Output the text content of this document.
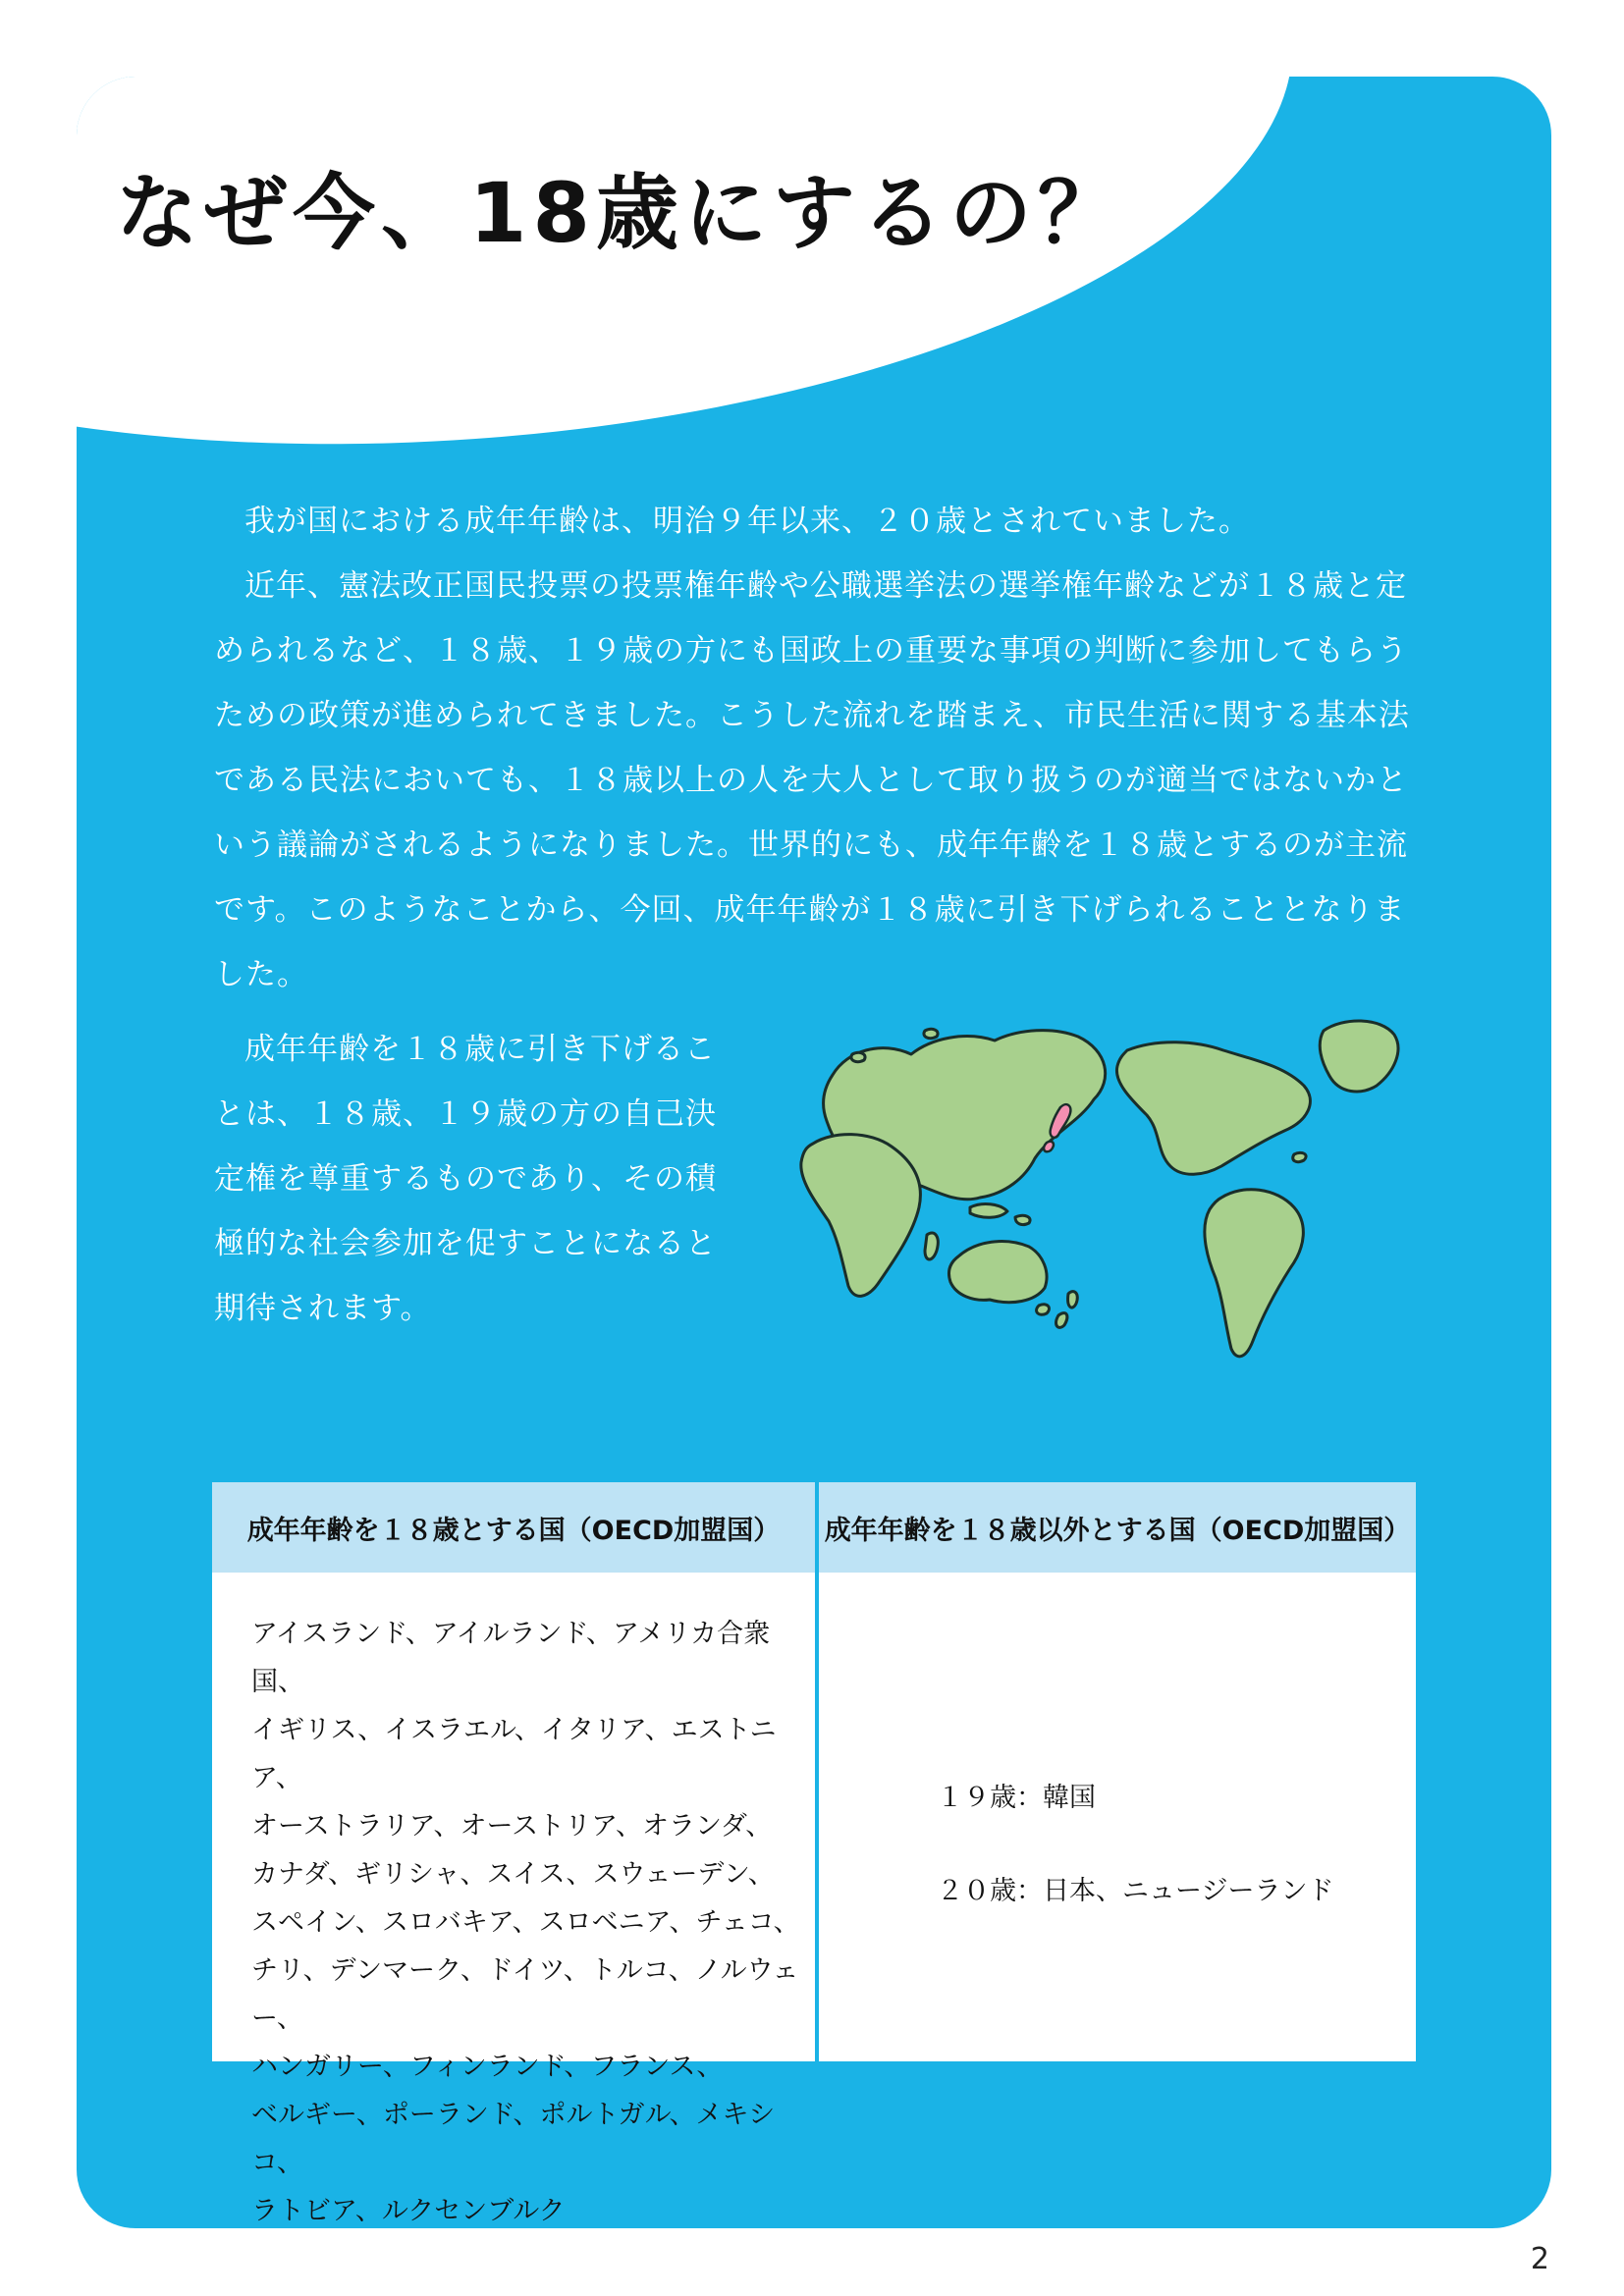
なぜ今、18歳にするの？

我が国における成年年齢は、明治９年以来、２０歳とされていました。

近年、憲法改正国民投票の投票権年齢や公職選挙法の選挙権年齢などが１８歳と定められるなど、１８歳、１９歳の方にも国政上の重要な事項の判断に参加してもらうための政策が進められてきました。こうした流れを踏まえ、市民生活に関する基本法である民法においても、１８歳以上の人を大人として取り扱うのが適当ではないかという議論がされるようになりました。世界的にも、成年年齢を１８歳とするのが主流です。このようなことから、今回、成年年齢が１８歳に引き下げられることとなりました。

成年年齢を１８歳に引き下げることは、１８歳、１９歳の方の自己決定権を尊重するものであり、その積極的な社会参加を促すことになると期待されます。

成年年齢を１８歳とする国（OECD加盟国）	成年年齢を１８歳以外とする国（OECD加盟国）
アイスランド、アイルランド、アメリカ合衆国、
イギリス、イスラエル、イタリア、エストニア、
オーストラリア、オーストリア、オランダ、
カナダ、ギリシャ、スイス、スウェーデン、
スペイン、スロバキア、スロベニア、チェコ、
チリ、デンマーク、ドイツ、トルコ、ノルウェー、
ハンガリー、フィンランド、フランス、
ベルギー、ポーランド、ポルトガル、メキシコ、
ラトビア、ルクセンブルク
１９歳：韓国
２０歳：日本、ニュージーランド
2
